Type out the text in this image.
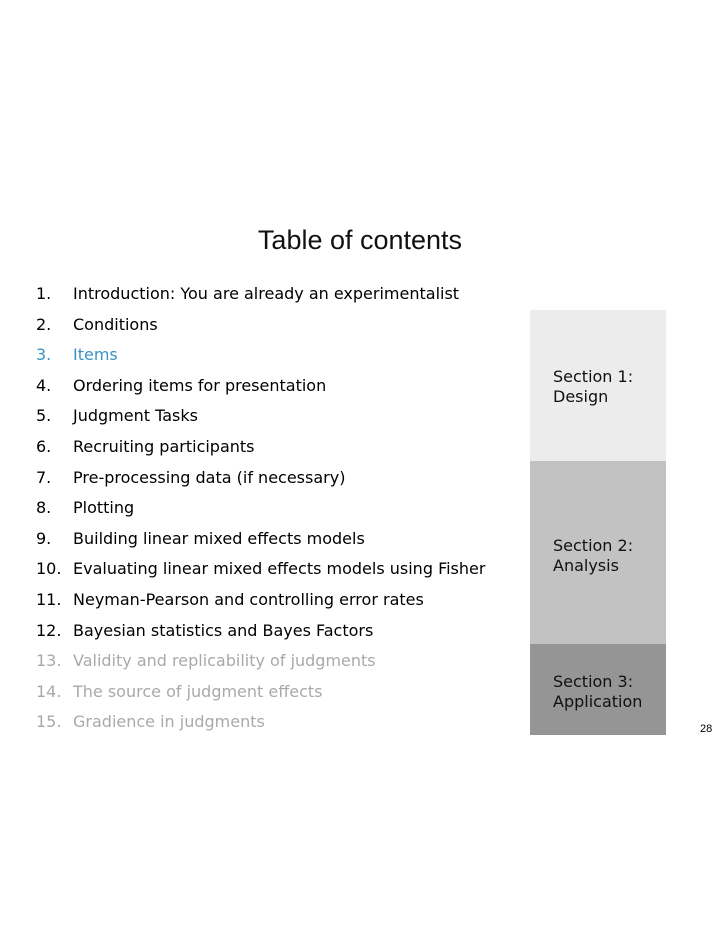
Table of contents
1.	Introduction: You are already an experimentalist
2.	Conditions
3.	Items
4.	Ordering items for presentation
5.	Judgment Tasks
6.	Recruiting participants
7.	Pre-processing data (if necessary)
8.	Plotting
9.	Building linear mixed effects models
10. Evaluating linear mixed effects models using Fisher
11. Neyman-Pearson and controlling error rates
12. Bayesian statistics and Bayes Factors
13. Validity and replicability of judgments
14. The source of judgment effects
15. Gradience in judgments
Section 1:
Design
Section 2:
Analysis
Section 3:
Application
28
